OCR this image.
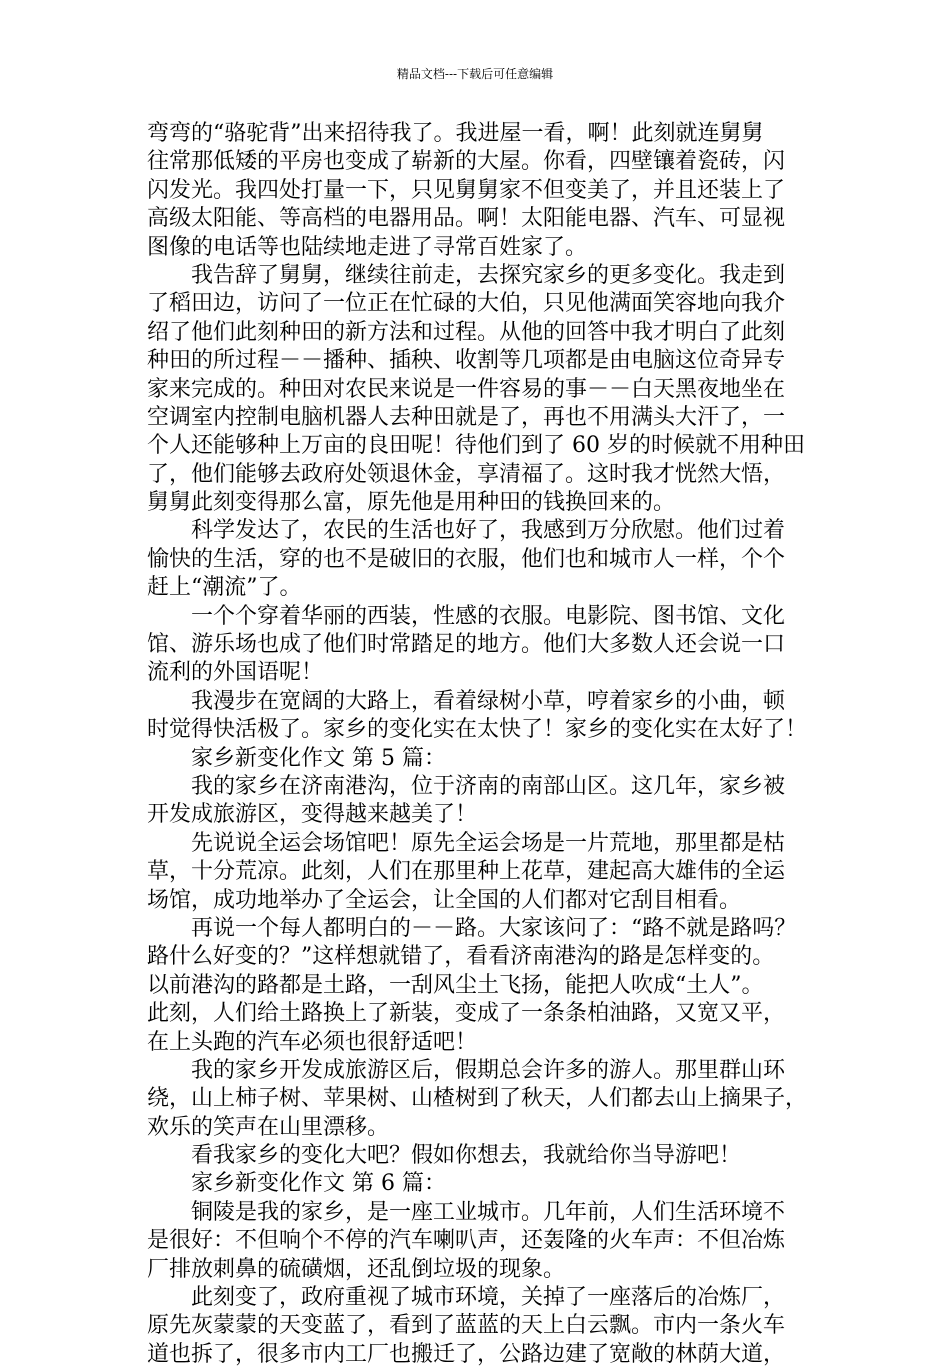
精品文档---下载后可任意编辑
弯弯的“骆驼背”出来招待我了。我进屋一看，啊！此刻就连舅舅
往常那低矮的平房也变成了崭新的大屋。你看，四壁镶着瓷砖，闪
闪发光。我四处打量一下，只见舅舅家不但变美了，并且还装上了
高级太阳能、等高档的电器用品。啊！太阳能电器、汽车、可显视
图像的电话等也陆续地走进了寻常百姓家了。
我告辞了舅舅，继续往前走，去探究家乡的更多变化。我走到
了稻田边，访问了一位正在忙碌的大伯，只见他满面笑容地向我介
绍了他们此刻种田的新方法和过程。从他的回答中我才明白了此刻
种田的所过程－－播种、插秧、收割等几项都是由电脑这位奇异专
家来完成的。种田对农民来说是一件容易的事－－白天黑夜地坐在
空调室内控制电脑机器人去种田就是了，再也不用满头大汗了，一
个人还能够种上万亩的良田呢！待他们到了 60 岁的时候就不用种田
了，他们能够去政府处领退休金，享清福了。这时我才恍然大悟，
舅舅此刻变得那么富，原先他是用种田的钱换回来的。
科学发达了，农民的生活也好了，我感到万分欣慰。他们过着
愉快的生活，穿的也不是破旧的衣服，他们也和城市人一样，个个
赶上“潮流”了。
一个个穿着华丽的西装，性感的衣服。电影院、图书馆、文化
馆、游乐场也成了他们时常踏足的地方。他们大多数人还会说一口
流利的外国语呢！
我漫步在宽阔的大路上，看着绿树小草，哼着家乡的小曲，顿
时觉得快活极了。家乡的变化实在太快了！家乡的变化实在太好了！
家乡新变化作文 第 5 篇：
我的家乡在济南港沟，位于济南的南部山区。这几年，家乡被
开发成旅游区，变得越来越美了！
先说说全运会场馆吧！原先全运会场是一片荒地，那里都是枯
草，十分荒凉。此刻，人们在那里种上花草，建起高大雄伟的全运
场馆，成功地举办了全运会，让全国的人们都对它刮目相看。
再说一个每人都明白的－－路。大家该问了：“路不就是路吗？
路什么好变的？”这样想就错了，看看济南港沟的路是怎样变的。
以前港沟的路都是土路，一刮风尘土飞扬，能把人吹成“土人”。
此刻，人们给土路换上了新装，变成了一条条柏油路，又宽又平，
在上头跑的汽车必须也很舒适吧！
我的家乡开发成旅游区后，假期总会许多的游人。那里群山环
绕，山上柿子树、苹果树、山楂树到了秋天，人们都去山上摘果子，
欢乐的笑声在山里漂移。
看我家乡的变化大吧？假如你想去，我就给你当导游吧！
家乡新变化作文 第 6 篇：
铜陵是我的家乡，是一座工业城市。几年前，人们生活环境不
是很好：不但响个不停的汽车喇叭声，还轰隆的火车声：不但冶炼
厂排放刺鼻的硫磺烟，还乱倒垃圾的现象。
此刻变了，政府重视了城市环境，关掉了一座落后的冶炼厂，
原先灰蒙蒙的天变蓝了，看到了蓝蓝的天上白云飘。市内一条火车
道也拆了，很多市内工厂也搬迁了，公路边建了宽敞的林荫大道，
